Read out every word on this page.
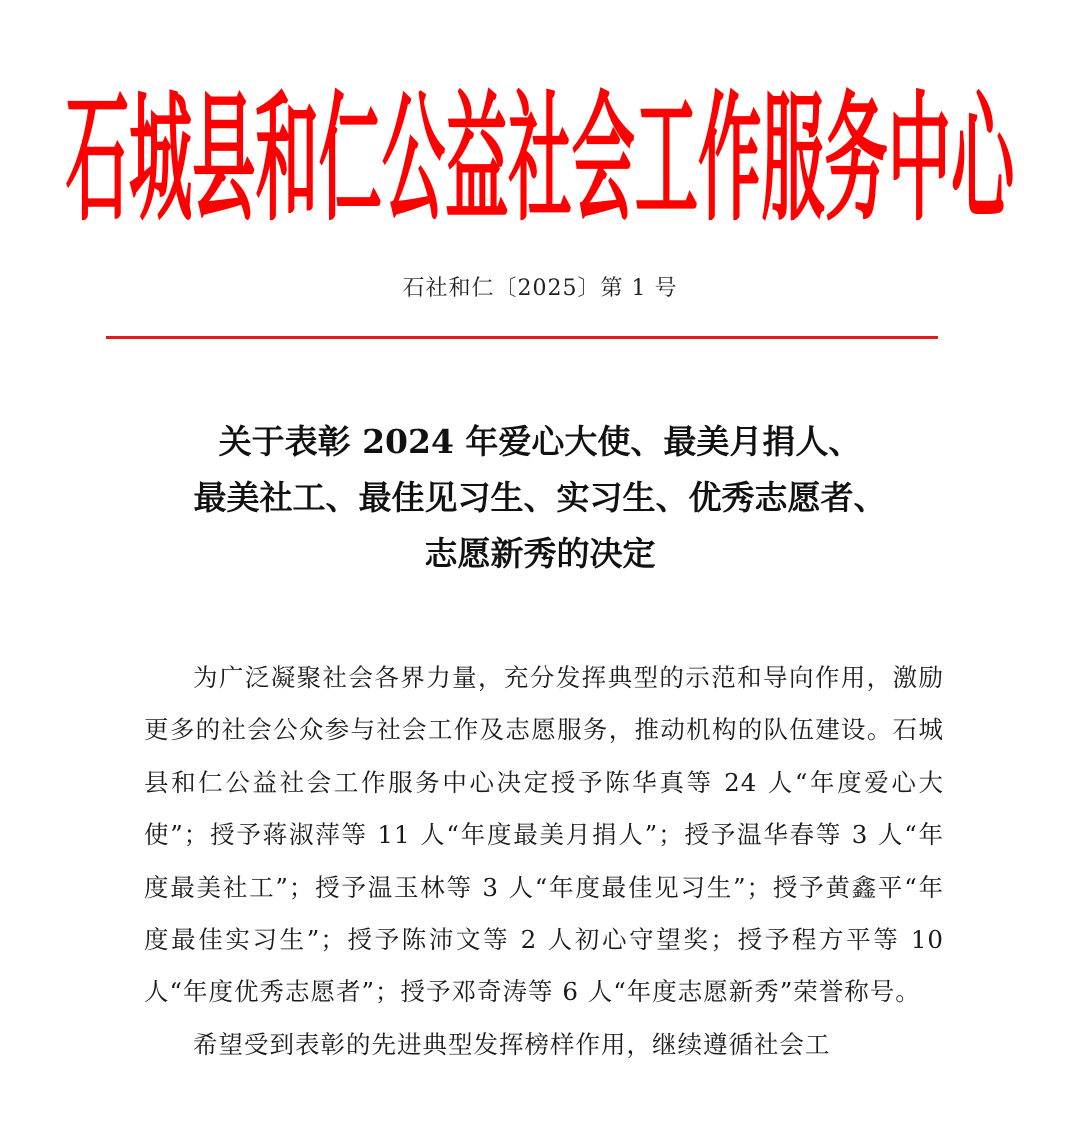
石城县和仁公益社会工作服务中心
石社和仁〔2025〕第 1 号
关于表彰 2024 年爱心大使、最美月捐人、
最美社工、最佳见习生、实习生、优秀志愿者、
志愿新秀的决定

为广泛凝聚社会各界力量，充分发挥典型的示范和导向作用，激励更多的社会公众参与社会工作及志愿服务，推动机构的队伍建设。石城县和仁公益社会工作服务中心决定授予陈华真等 24 人“年度爱心大使”；授予蒋淑萍等 11 人“年度最美月捐人”；授予温华春等 3 人“年度最美社工”；授予温玉林等 3 人“年度最佳见习生”；授予黄鑫平“年度最佳实习生”；授予陈沛文等 2 人初心守望奖；授予程方平等 10 人“年度优秀志愿者”；授予邓奇涛等 6 人“年度志愿新秀”荣誉称号。

希望受到表彰的先进典型发挥榜样作用，继续遵循社会工
